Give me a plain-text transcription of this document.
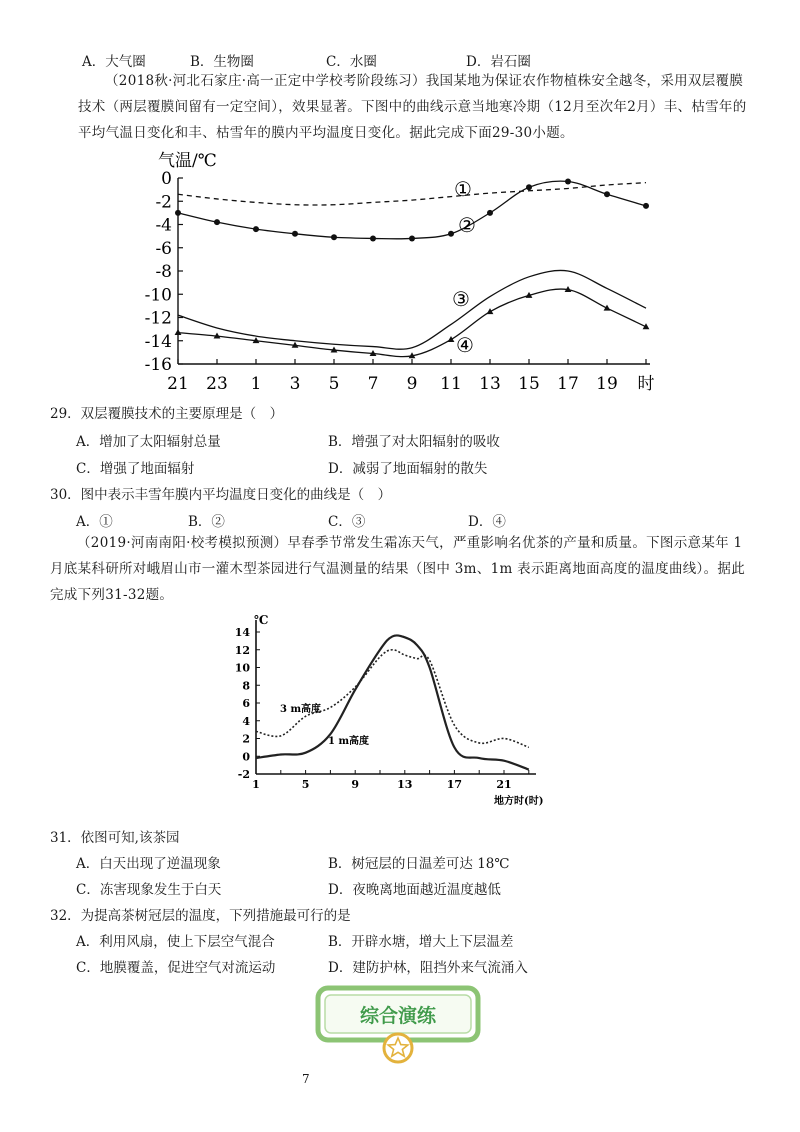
A．大气圈	B．生物圈	C．水圈	D．岩石圈
（2018秋·河北石家庄·高一正定中学校考阶段练习）我国某地为保证农作物植株安全越冬，采用双层覆膜技术（两层覆膜间留有一定空间），效果显著。下图中的曲线示意当地寒冷期（12月至次年2月）丰、枯雪年的平均气温日变化和丰、枯雪年的膜内平均温度日变化。据此完成下面29-30小题。
气温/℃
0
-2
-4
-6
-8
-10
-12
-14
-16
21 23 1 3 5 7 9 11 13 15 17 19 时
①
②
③
④
29．双层覆膜技术的主要原理是（　）
A．增加了太阳辐射总量	B．增强了对太阳辐射的吸收
C．增强了地面辐射	D．减弱了地面辐射的散失
30．图中表示丰雪年膜内平均温度日变化的曲线是（　）
A．①	B．②	C．③	D．④
（2019·河南南阳·校考模拟预测）早春季节常发生霜冻天气，严重影响名优茶的产量和质量。下图示意某年 1月底某科研所对峨眉山市一灌木型茶园进行气温测量的结果（图中 3m、1m 表示距离地面高度的温度曲线）。据此完成下列31-32题。
℃
14
12
10
8
6
4
2
0
-2
1	5	9	13	17	21
3 m高度
1 m高度
地方时(时)
31．依图可知,该茶园
A．白天出现了逆温现象	B．树冠层的日温差可达 18℃
C．冻害现象发生于白天	D．夜晚离地面越近温度越低
32．为提高茶树冠层的温度，下列措施最可行的是
A．利用风扇，使上下层空气混合	B．开辟水塘，增大上下层温差
C．地膜覆盖，促进空气对流运动	D．建防护林，阻挡外来气流涌入
综合演练
7
